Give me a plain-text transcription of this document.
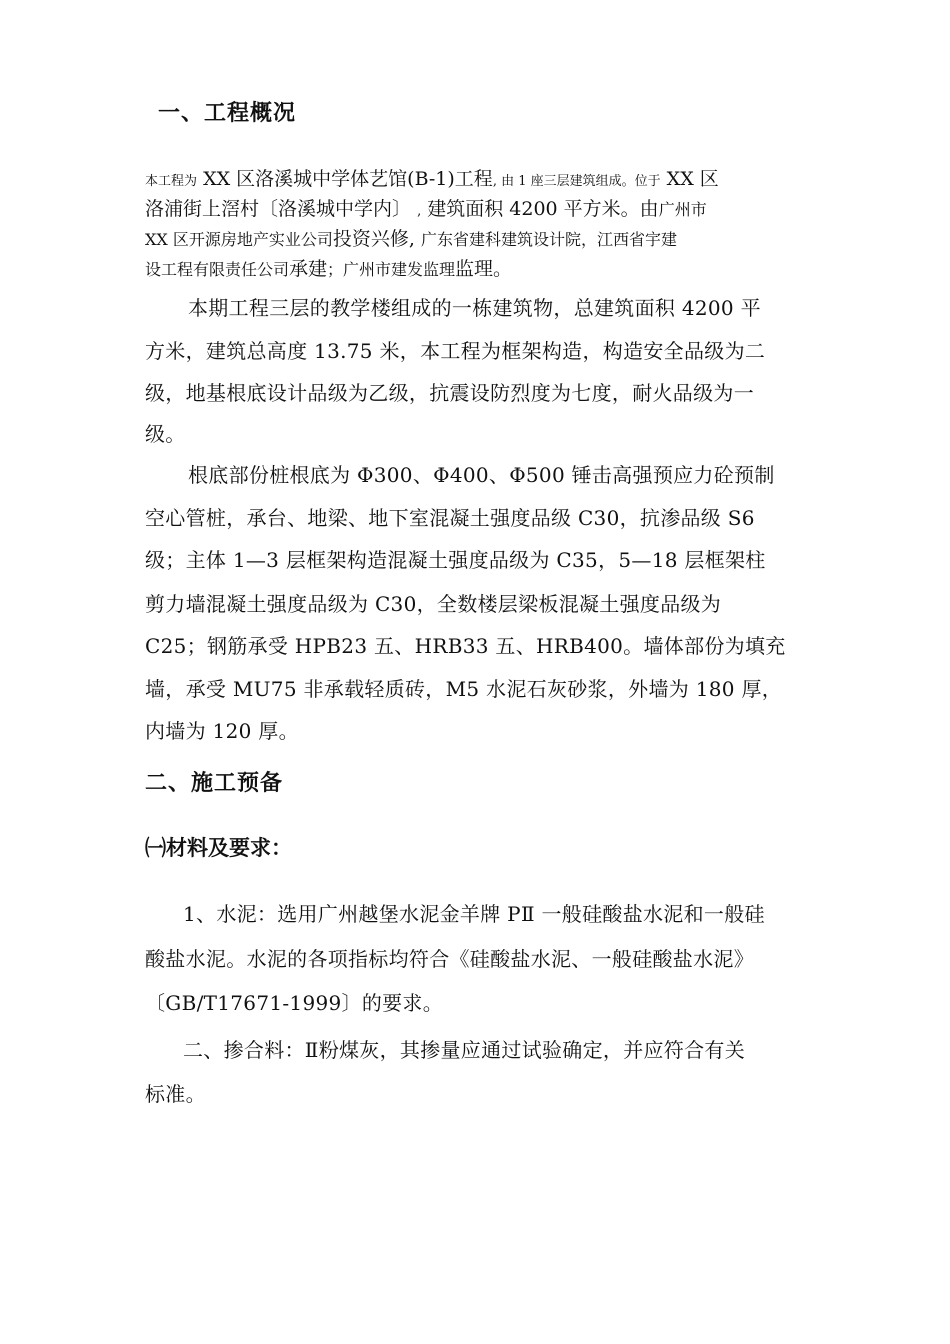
一、工程概况
本工程为 XX 区洛溪城中学体艺馆(B-1)工程, 由 1 座三层建筑组成。位于 XX 区
洛浦街上滘村〔洛溪城中学内〕 , 建筑面积 4200 平方米。由广州市
XX 区开源房地产实业公司投资兴修, 广东省建科建筑设计院，江西省宇建
设工程有限责任公司承建；广州市建发监理监理。
本期工程三层的教学楼组成的一栋建筑物，总建筑面积 4200 平
方米，建筑总高度 13.75 米，本工程为框架构造，构造安全品级为二
级，地基根底设计品级为乙级，抗震设防烈度为七度，耐火品级为一
级。
根底部份桩根底为 Φ300、Φ400、Φ500 锤击高强预应力砼预制
空心管桩，承台、地梁、地下室混凝土强度品级 C30，抗渗品级 S6
级；主体 1—3 层框架构造混凝土强度品级为 C35，5—18 层框架柱
剪力墙混凝土强度品级为 C30，全数楼层梁板混凝土强度品级为
C25；钢筋承受 HPB23 五、HRB33 五、HRB400。墙体部份为填充
墙，承受 MU75 非承载轻质砖，M5 水泥石灰砂浆，外墙为 180 厚，
内墙为 120 厚。
二、施工预备
㈠材料及要求：
1、水泥：选用广州越堡水泥金羊牌 PⅡ 一般硅酸盐水泥和一般硅
酸盐水泥。水泥的各项指标均符合《硅酸盐水泥、一般硅酸盐水泥》
〔GB/T17671-1999〕的要求。
二、掺合料：Ⅱ粉煤灰，其掺量应通过试验确定，并应符合有关
标准。
